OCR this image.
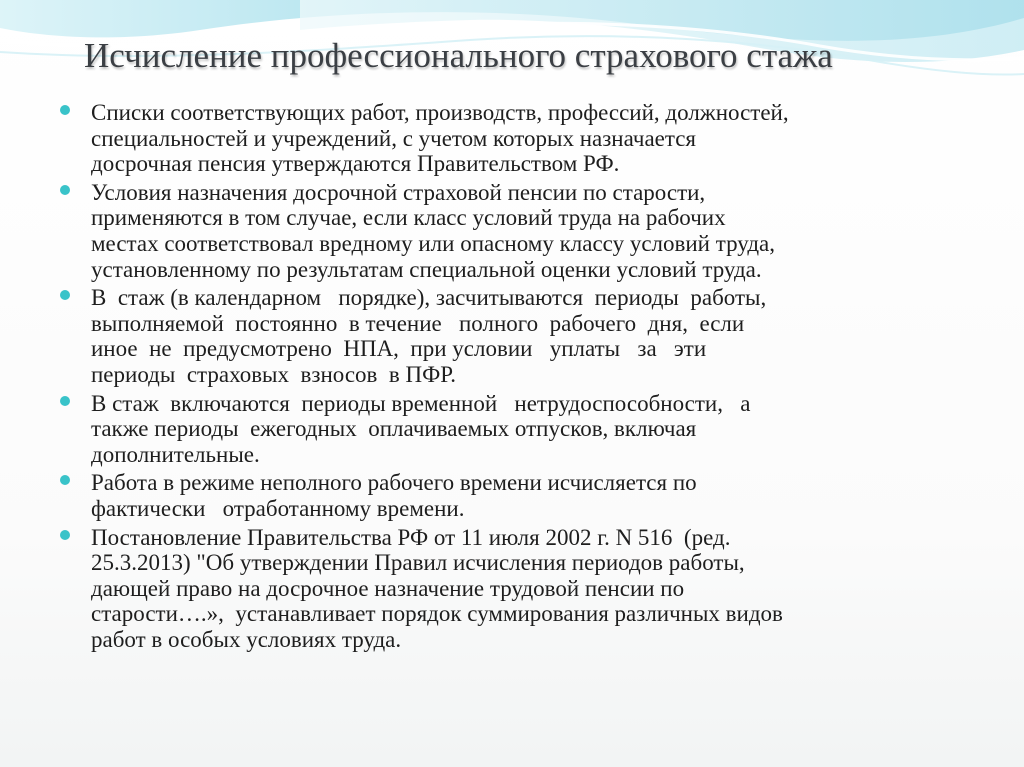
Исчисление профессионального страхового стажа
Списки соответствующих работ, производств, профессий, должностей,
специальностей и учреждений, с учетом которых назначается
досрочная пенсия утверждаются Правительством РФ.
Условия назначения досрочной страховой пенсии по старости,
применяются в том случае, если класс условий труда на рабочих
местах соответствовал вредному или опасному классу условий труда,
установленному по результатам специальной оценки условий труда.
В  стаж (в календарном   порядке), засчитываются  периоды  работы,
выполняемой  постоянно  в течение   полного  рабочего  дня,  если
иное  не  предусмотрено  НПА,  при условии   уплаты   за   эти
периоды  страховых  взносов  в ПФР.
В стаж  включаются  периоды временной   нетрудоспособности,   а
также периоды  ежегодных  оплачиваемых отпусков, включая
дополнительные.
Работа в режиме неполного рабочего времени исчисляется по
фактически   отработанному времени.
Постановление Правительства РФ от 11 июля 2002 г. N 516  (ред.
25.3.2013) "Об утверждении Правил исчисления периодов работы,
дающей право на досрочное назначение трудовой пенсии по
старости….»,  устанавливает порядок суммирования различных видов
работ в особых условиях труда.
